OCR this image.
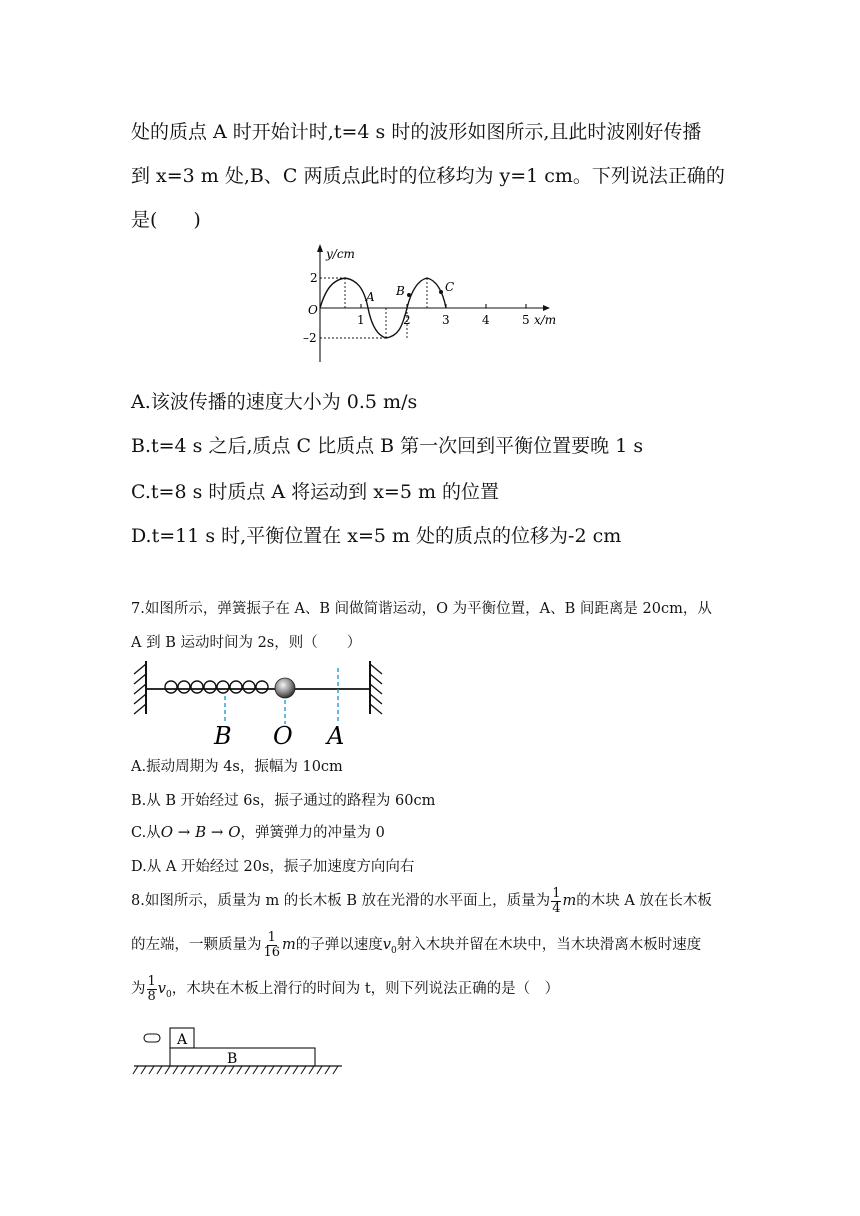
处的质点 A 时开始计时,t=4 s 时的波形如图所示,且此时波刚好传播
到 x=3 m 处,B、C 两质点此时的位移均为 y=1 cm。下列说法正确的
是( )
y/cm
x/m
O
2
–2
1	2	3	4	5
A B	C
A.该波传播的速度大小为 0.5 m/s
B.t=4 s 之后,质点 C 比质点 B 第一次回到平衡位置要晚 1 s
C.t=8 s 时质点 A 将运动到 x=5 m 的位置
D.t=11 s 时,平衡位置在 x=5 m 处的质点的位移为-2 cm
7.如图所示，弹簧振子在 A、B 间做简谐运动，O 为平衡位置，A、B 间距离是 20cm，从
A 到 B 运动时间为 2s，则（　　）
B O A
A.振动周期为 4s，振幅为 10cm
B.从 B 开始经过 6s，振子通过的路程为 60cm
C.从O → B → O，弹簧弹力的冲量为 0
D.从 A 开始经过 20s，振子加速度方向向右
8.如图所示，质量为 m 的长木板 B 放在光滑的水平面上，质量为 $\frac{1}{4}$ m的木块 A 放在长木板
的左端，一颗质量为 $\frac{1}{16}$ m的子弹以速度$v_0$射入木块并留在木块中，当木块滑离木板时速度
为 $\frac{1}{8} v_0$，木块在木板上滑行的时间为 t，则下列说法正确的是（　）
A
B
